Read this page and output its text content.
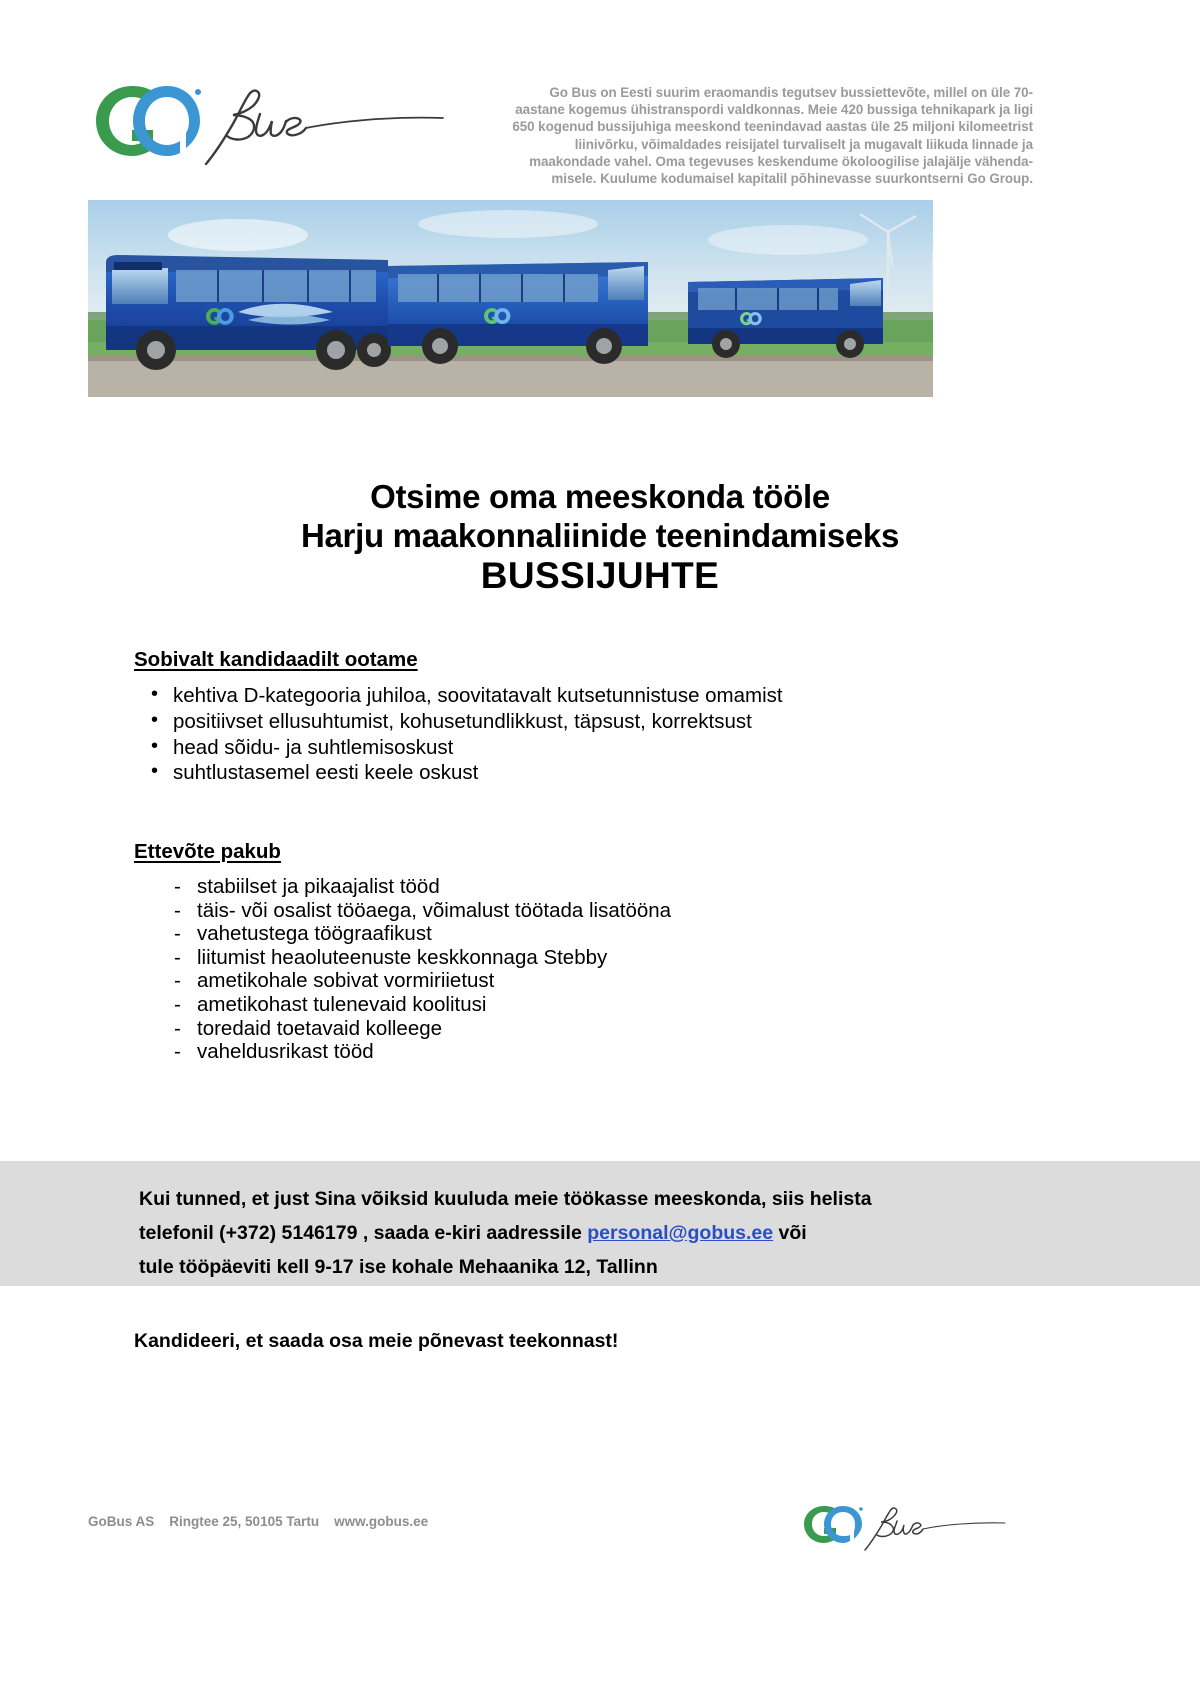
Go Bus on Eesti suurim eraomandis tegutsev bussiettevõte, millel on üle 70-aastane kogemus ühistranspordi valdkonnas. Meie 420 bussiga tehnikapark ja ligi 650 kogenud bussijuhiga meeskond teenindavad aastas üle 25 miljoni kilomeetrist liinivõrku, võimaldades reisijatel turvaliselt ja mugavalt liikuda linnade ja maakondade vahel. Oma tegevuses keskendume ökoloogilise jalajälje vähenda-misele. Kuulume kodumaisel kapitalil põhinevasse suurkontserni Go Group.
Otsime oma meeskonda tööle
Harju maakonnaliinide teenindamiseks
BUSSIJUHTE
Sobivalt kandidaadilt ootame
• kehtiva D-kategooria juhiloa, soovitatavalt kutsetunnistuse omamist
• positiivset ellusuhtumist, kohusetundlikkust, täpsust, korrektsust
• head sõidu- ja suhtlemisoskust
• suhtlustasemel eesti keele oskust
Ettevõte pakub
- stabiilset ja pikaajalist tööd
- täis- või osalist tööaega, võimalust töötada lisatööna
- vahetustega töögraafikust
- liitumist heaoluteenuste keskkonnaga Stebby
- ametikohale sobivat vormiriietust
- ametikohast tulenevaid koolitusi
- toredaid toetavaid kolleege
- vaheldusrikast tööd
Kui tunned, et just Sina võiksid kuuluda meie töökasse meeskonda, siis helista
telefonil (+372) 5146179 , saada e-kiri aadressile personal@gobus.ee või
tule tööpäeviti kell 9-17 ise kohale Mehaanika 12, Tallinn
Kandideeri, et saada osa meie põnevast teekonnast!
GoBus AS Ringtee 25, 50105 Tartu www.gobus.ee
